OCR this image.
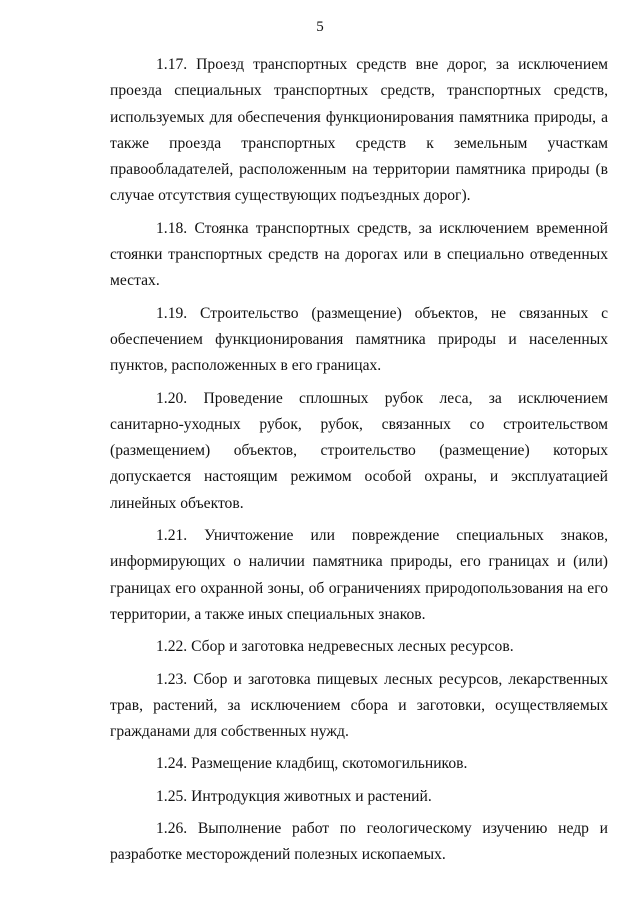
5

1.17. Проезд транспортных средств вне дорог, за исключением проезда специальных транспортных средств, транспортных средств, используемых для обеспечения функционирования памятника природы, а также проезда транспортных средств к земельным участкам правообладателей, расположенным на территории памятника природы (в случае отсутствия существующих подъездных дорог).

1.18. Стоянка транспортных средств, за исключением временной стоянки транспортных средств на дорогах или в специально отведенных местах.

1.19. Строительство (размещение) объектов, не связанных с обеспечением функционирования памятника природы и населенных пунктов, расположенных в его границах.

1.20. Проведение сплошных рубок леса, за исключением санитарно-уходных рубок, рубок, связанных со строительством (размещением) объектов, строительство (размещение) которых допускается настоящим режимом особой охраны, и эксплуатацией линейных объектов.

1.21. Уничтожение или повреждение специальных знаков, информирующих о наличии памятника природы, его границах и (или) границах его охранной зоны, об ограничениях природопользования на его территории, а также иных специальных знаков.

1.22. Сбор и заготовка недревесных лесных ресурсов.

1.23. Сбор и заготовка пищевых лесных ресурсов, лекарственных трав, растений, за исключением сбора и заготовки, осуществляемых гражданами для собственных нужд.

1.24. Размещение кладбищ, скотомогильников.

1.25. Интродукция животных и растений.

1.26. Выполнение работ по геологическому изучению недр и разработке месторождений полезных ископаемых.
